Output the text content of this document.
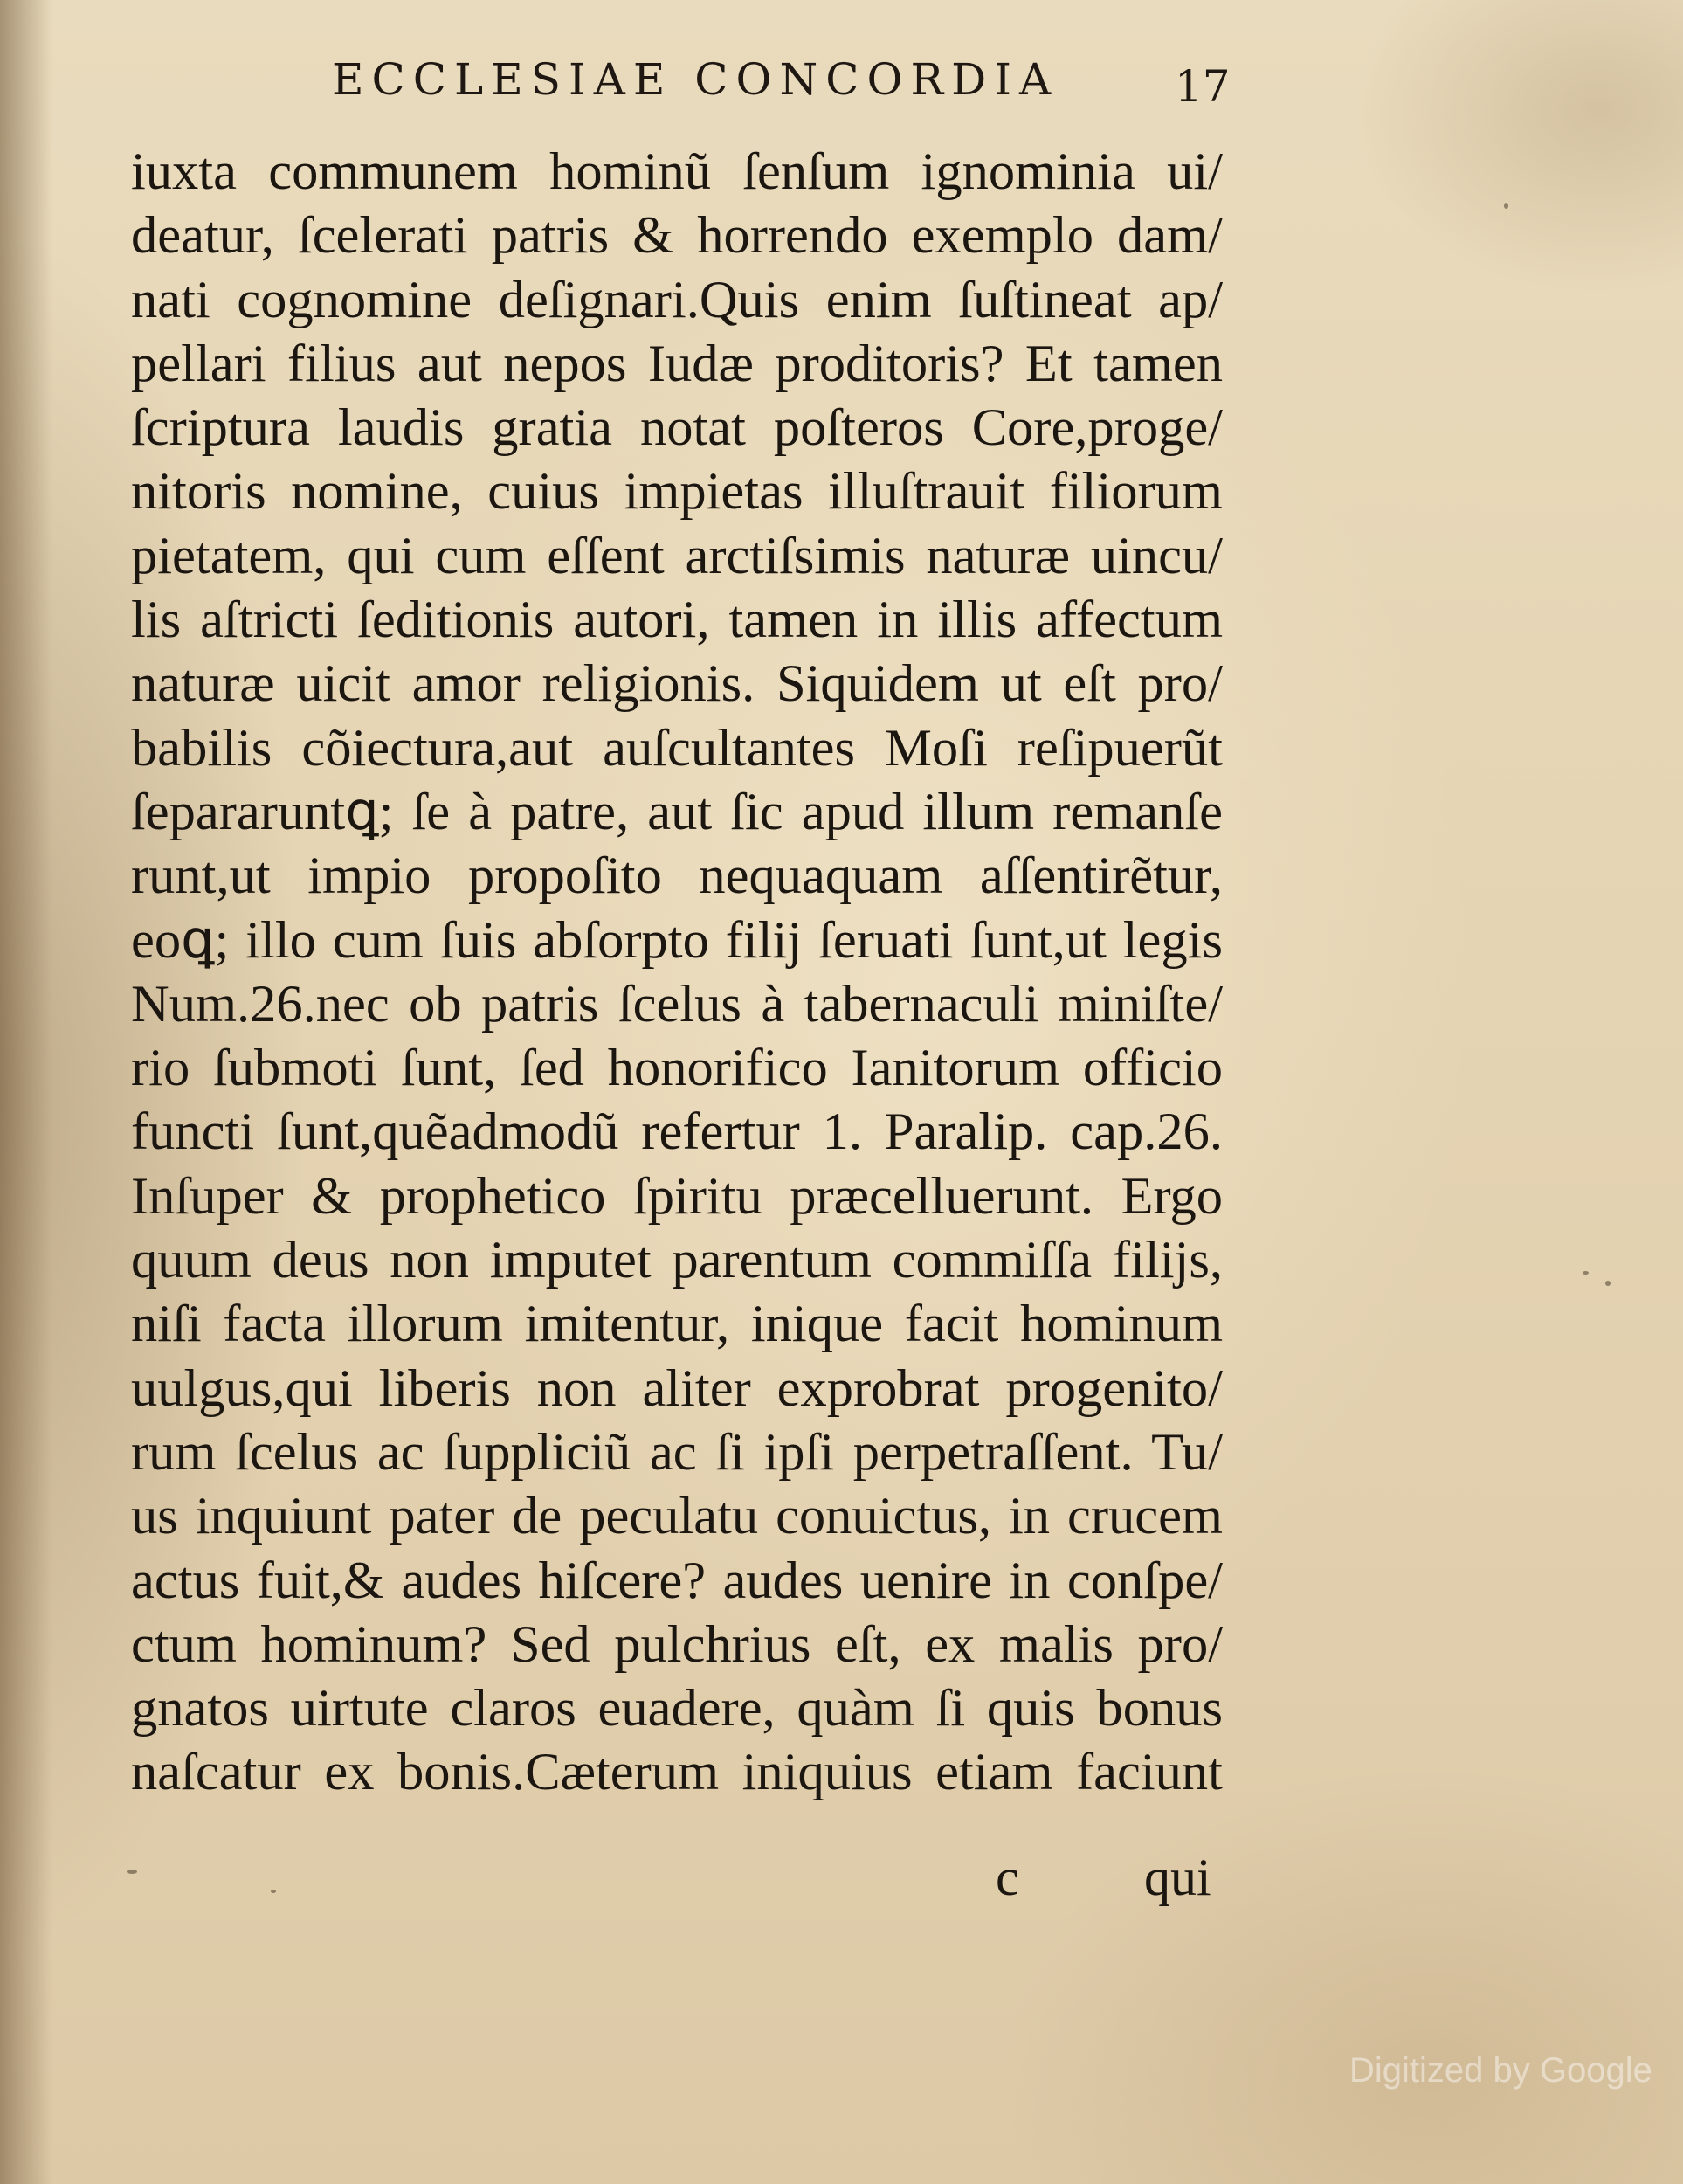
ECCLESIAE CONCORDIA	17
iuxta communem hominũ ſenſum ignominia ui/
deatur, ſcelerati patris & horrendo exemplo dam/
nati cognomine deſignari.Quis enim ſuſtineat ap/
pellari filius aut nepos Iudæ proditoris? Et tamen
ſcriptura laudis gratia notat poſteros Core,proge/
nitoris nomine, cuius impietas illuſtrauit filiorum
pietatem, qui cum eſſent arctiſsimis naturæ uincu/
lis aſtricti ſeditionis autori, tamen in illis affectum
naturæ uicit amor religionis. Siquidem ut eſt pro/
babilis cõiectura,aut auſcultantes Moſi reſipuerũt
ſepararuntꝗ; ſe à patre, aut ſic apud illum remanſe
runt,ut impio propoſito nequaquam aſſentirẽtur,
eoꝗ; illo cum ſuis abſorpto filij ſeruati ſunt,ut legis
Num.26.nec ob patris ſcelus à tabernaculi miniſte/
rio ſubmoti ſunt, ſed honorifico Ianitorum officio
functi ſunt,quẽadmodũ refertur 1. Paralip. cap.26.
Inſuper & prophetico ſpiritu præcelluerunt. Ergo
quum deus non imputet parentum commiſſa filijs,
niſi facta illorum imitentur, inique facit hominum
uulgus,qui liberis non aliter exprobrat progenito/
rum ſcelus ac ſuppliciũ ac ſi ipſi perpetraſſent. Tu/
us inquiunt pater de peculatu conuictus, in crucem
actus fuit,& audes hiſcere? audes uenire in conſpe/
ctum hominum? Sed pulchrius eſt, ex malis pro/
gnatos uirtute claros euadere, quàm ſi quis bonus
naſcatur ex bonis.Cæterum iniquius etiam faciunt
c qui
Digitized by Google
